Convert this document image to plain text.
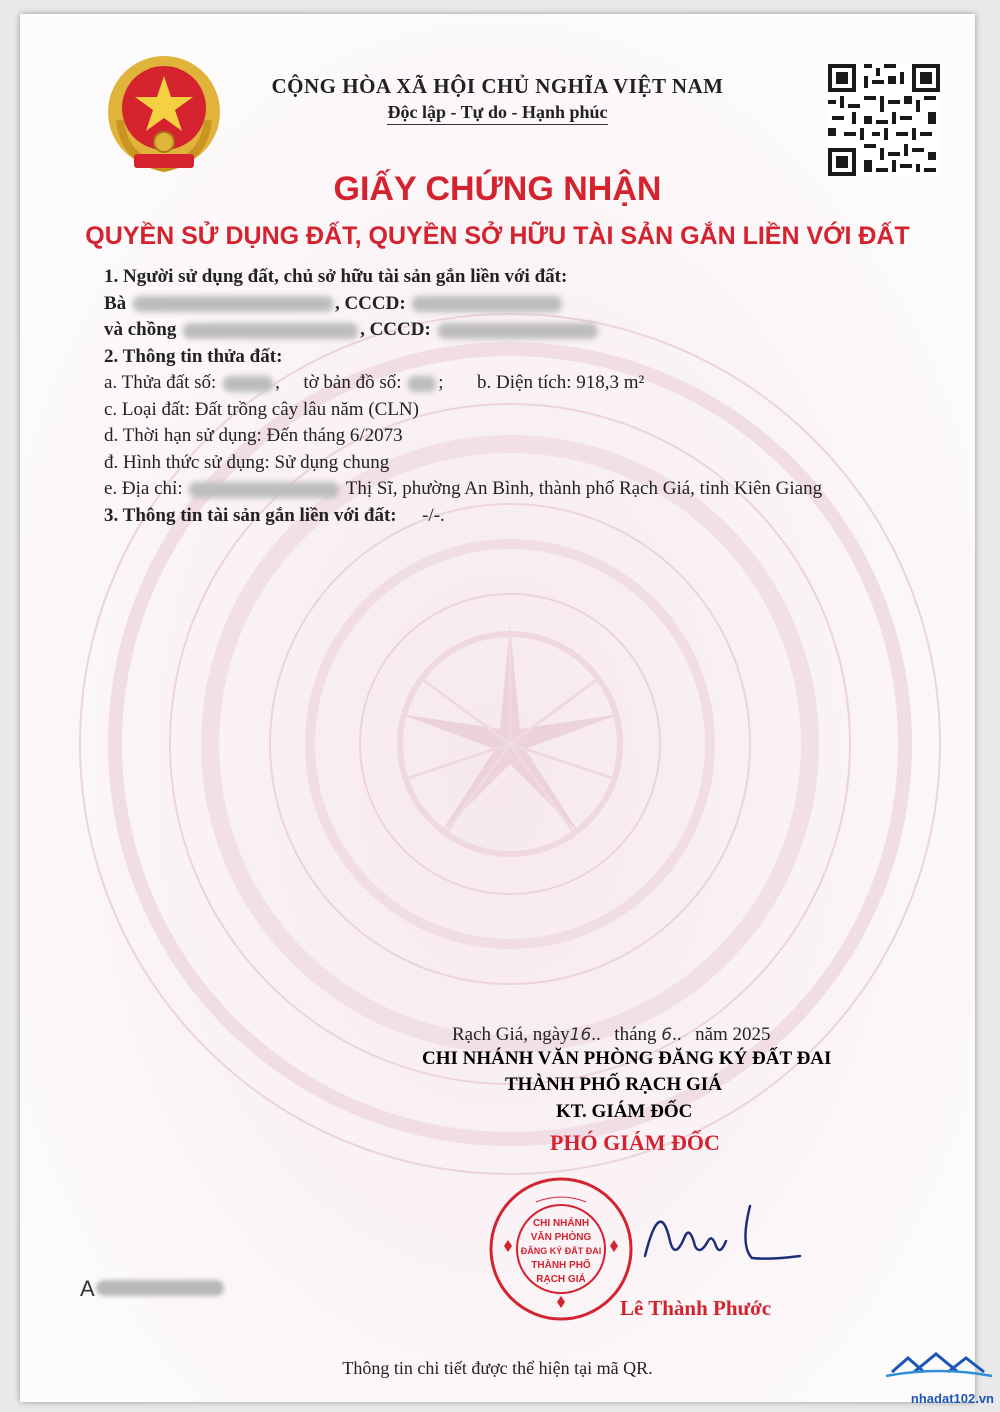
CỘNG HÒA XÃ HỘI CHỦ NGHĨA VIỆT NAM
Độc lập - Tự do - Hạnh phúc
GIẤY CHỨNG NHẬN
QUYỀN SỬ DỤNG ĐẤT, QUYỀN SỞ HỮU TÀI SẢN GẮN LIỀN VỚI ĐẤT
1. Người sử dụng đất, chủ sở hữu tài sản gắn liền với đất:
Bà	, CCCD:
và chồng	, CCCD:
2. Thông tin thửa đất:
a. Thửa đất số:	, tờ bản đồ số: ; b. Diện tích: 918,3 m²
c. Loại đất: Đất trồng cây lâu năm (CLN)
d. Thời hạn sử dụng: Đến tháng 6/2073
đ. Hình thức sử dụng: Sử dụng chung
e. Địa chỉ:	Thị Sĩ, phường An Bình, thành phố Rạch Giá, tỉnh Kiên Giang
3. Thông tin tài sản gắn liền với đất: -/-.
Rạch Giá, ngày16.. tháng 6.. năm 2025
CHI NHÁNH VĂN PHÒNG ĐĂNG KÝ ĐẤT ĐAI
THÀNH PHỐ RẠCH GIÁ
KT. GIÁM ĐỐC
PHÓ GIÁM ĐỐC
CHI NHÁNH
VĂN PHÒNG
ĐĂNG KÝ ĐẤT ĐAI
THÀNH PHỐ
RẠCH GIÁ
Lê Thành Phước
A
Thông tin chi tiết được thể hiện tại mã QR.
nhadat102.vn
